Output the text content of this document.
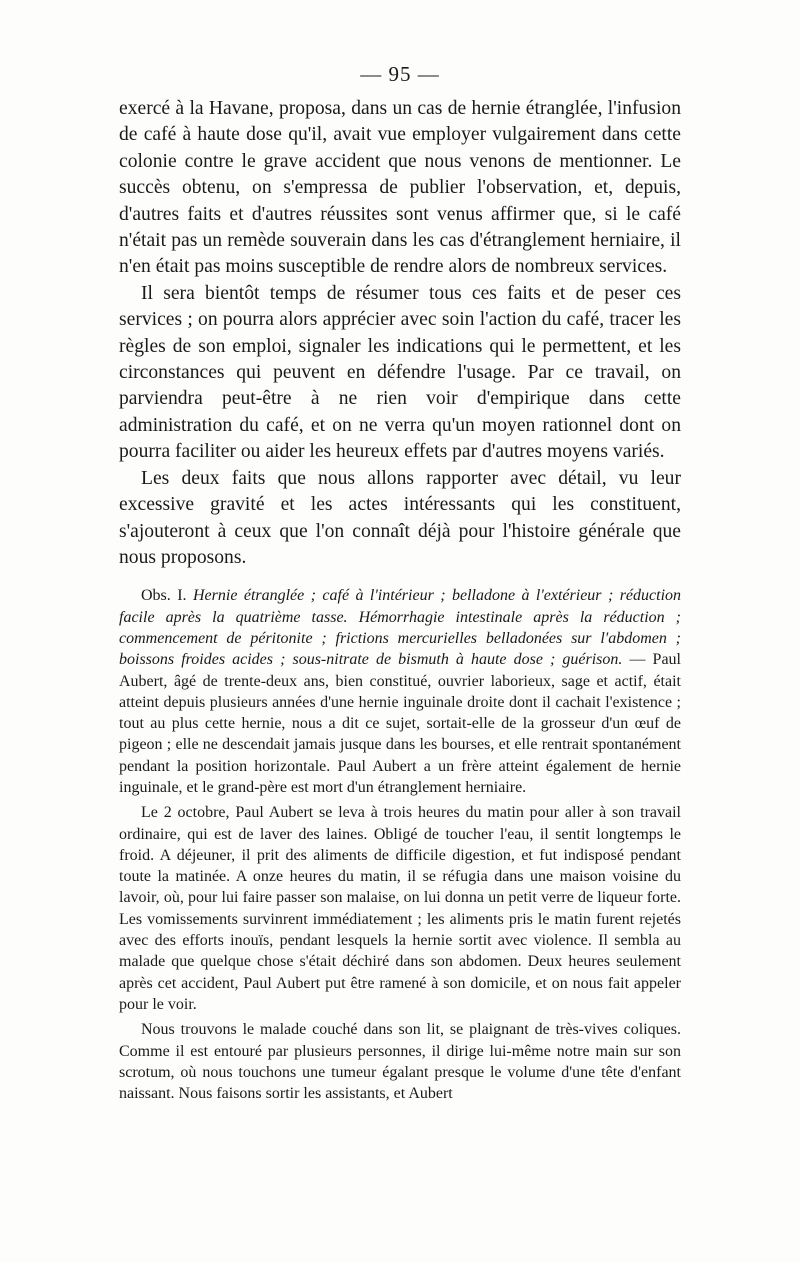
— 95 —

exercé à la Havane, proposa, dans un cas de hernie étranglée, l'infusion de café à haute dose qu'il, avait vue employer vulgairement dans cette colonie contre le grave accident que nous venons de mentionner. Le succès obtenu, on s'empressa de publier l'observation, et, depuis, d'autres faits et d'autres réussites sont venus affirmer que, si le café n'était pas un remède souverain dans les cas d'étranglement herniaire, il n'en était pas moins susceptible de rendre alors de nombreux services.

Il sera bientôt temps de résumer tous ces faits et de peser ces services ; on pourra alors apprécier avec soin l'action du café, tracer les règles de son emploi, signaler les indications qui le permettent, et les circonstances qui peuvent en défendre l'usage. Par ce travail, on parviendra peut-être à ne rien voir d'empirique dans cette administration du café, et on ne verra qu'un moyen rationnel dont on pourra faciliter ou aider les heureux effets par d'autres moyens variés.

Les deux faits que nous allons rapporter avec détail, vu leur excessive gravité et les actes intéressants qui les constituent, s'ajouteront à ceux que l'on connaît déjà pour l'histoire générale que nous proposons.

Obs. I. Hernie étranglée ; café à l'intérieur ; belladone à l'extérieur ; réduction facile après la quatrième tasse. Hémorrhagie intestinale après la réduction ; commencement de péritonite ; frictions mercurielles belladonées sur l'abdomen ; boissons froides acides ; sous-nitrate de bismuth à haute dose ; guérison. — Paul Aubert, âgé de trente-deux ans, bien constitué, ouvrier laborieux, sage et actif, était atteint depuis plusieurs années d'une hernie inguinale droite dont il cachait l'existence ; tout au plus cette hernie, nous a dit ce sujet, sortait-elle de la grosseur d'un œuf de pigeon ; elle ne descendait jamais jusque dans les bourses, et elle rentrait spontanément pendant la position horizontale. Paul Aubert a un frère atteint également de hernie inguinale, et le grand-père est mort d'un étranglement herniaire.

Le 2 octobre, Paul Aubert se leva à trois heures du matin pour aller à son travail ordinaire, qui est de laver des laines. Obligé de toucher l'eau, il sentit longtemps le froid. A déjeuner, il prit des aliments de difficile digestion, et fut indisposé pendant toute la matinée. A onze heures du matin, il se réfugia dans une maison voisine du lavoir, où, pour lui faire passer son malaise, on lui donna un petit verre de liqueur forte. Les vomissements survinrent immédiatement ; les aliments pris le matin furent rejetés avec des efforts inouïs, pendant lesquels la hernie sortit avec violence. Il sembla au malade que quelque chose s'était déchiré dans son abdomen. Deux heures seulement après cet accident, Paul Aubert put être ramené à son domicile, et on nous fait appeler pour le voir.

Nous trouvons le malade couché dans son lit, se plaignant de très-vives coliques. Comme il est entouré par plusieurs personnes, il dirige lui-même notre main sur son scrotum, où nous touchons une tumeur égalant presque le volume d'une tête d'enfant naissant. Nous faisons sortir les assistants, et Aubert
